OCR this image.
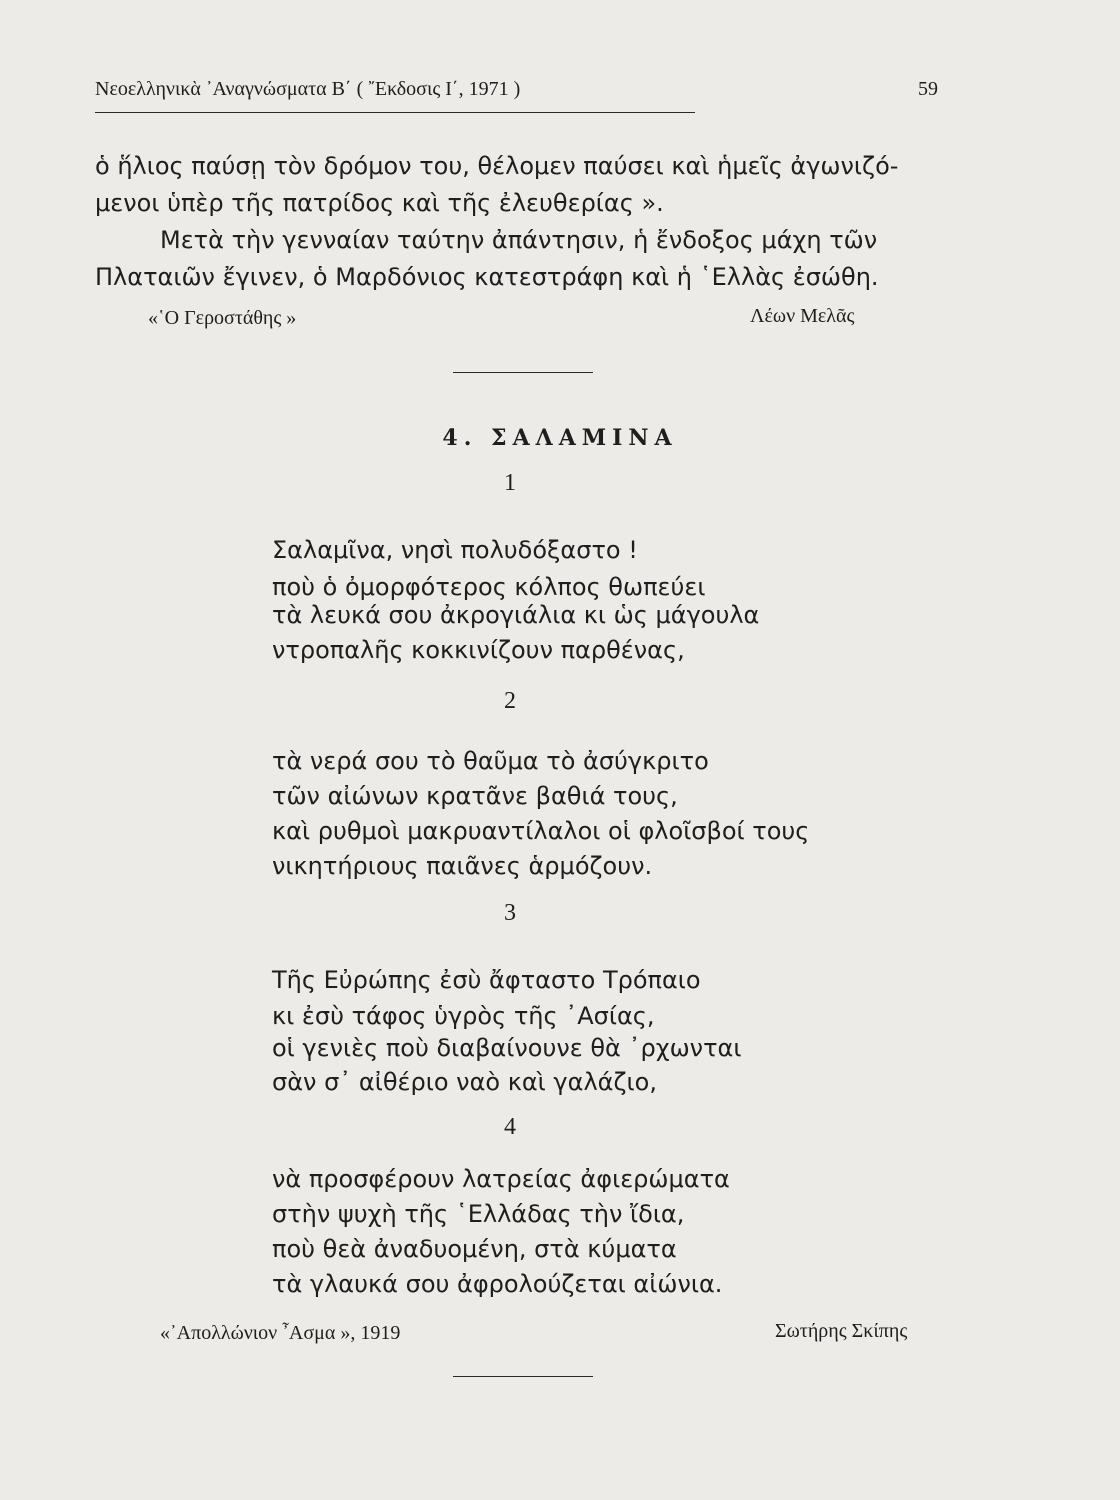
Νεοελληνικὰ ᾿Αναγνώσματα Β΄ ( ῎Εκδοσις Ι΄, 1971 )	59
ὁ ἥλιος παύσῃ τὸν δρόμον του, θέλομεν παύσει καὶ ἡμεῖς ἀγωνιζό-
μενοι ὑπὲρ τῆς πατρίδος καὶ τῆς ἐλευθερίας ».
Μετὰ τὴν γενναίαν ταύτην ἀπάντησιν, ἡ ἔνδοξος μάχη τῶν
Πλαταιῶν ἔγινεν, ὁ Μαρδόνιος κατεστράφη καὶ ἡ ῾Ελλὰς ἐσώθη.
«῾Ο Γεροστάθης »	Λέων Μελᾶς
4. ΣΑΛΑΜΙΝΑ
1
Σαλαμῖνα, νησὶ πολυδόξαστο !
ποὺ ὁ ὀμορφότερος κόλπος θωπεύει
τὰ λευκά σου ἀκρογιάλια κι ὡς μάγουλα
ντροπαλῆς κοκκινίζουν παρθένας,
2
τὰ νερά σου τὸ θαῦμα τὸ ἀσύγκριτο
τῶν αἰώνων κρατᾶνε βαθιά τους,
καὶ ρυθμοὶ μακρυαντίλαλοι οἱ φλοῖσβοί τους
νικητήριους παιᾶνες ἁρμόζουν.
3
Τῆς Εὐρώπης ἐσὺ ἄφταστο Τρόπαιο
κι ἐσὺ τάφος ὑγρὸς τῆς ᾿Ασίας,
οἱ γενιὲς ποὺ διαβαίνουνε θὰ ᾿ρχωνται
σὰν σ᾿ αἰθέριο ναὸ καὶ γαλάζιο,
4
νὰ προσφέρουν λατρείας ἀφιερώματα
στὴν ψυχὴ τῆς ῾Ελλάδας τὴν ἴδια,
ποὺ θεὰ ἀναδυομένη, στὰ κύματα
τὰ γλαυκά σου ἀφρολούζεται αἰώνια.
«᾿Απολλώνιον ῏Ασμα », 1919	Σωτήρης Σκίπης
